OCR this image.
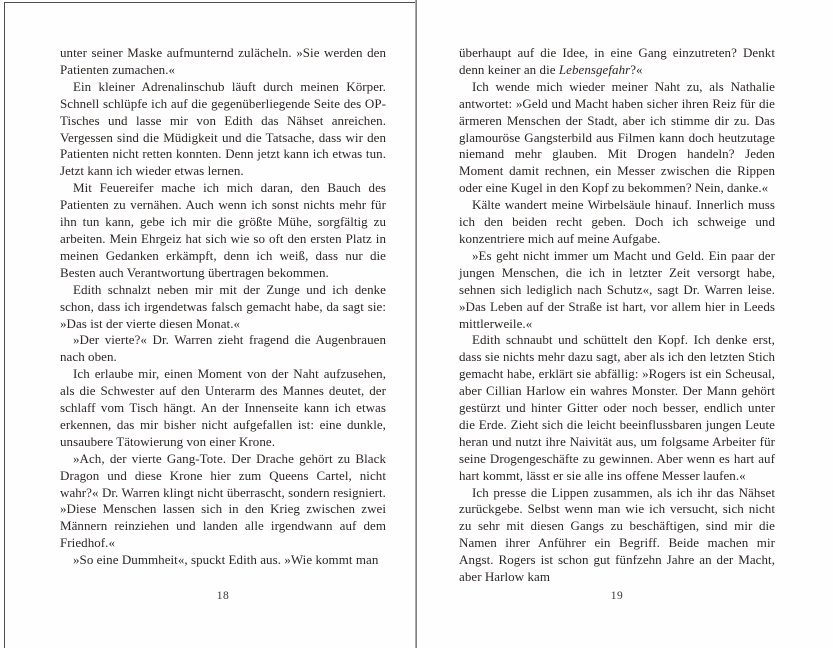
unter seiner Maske aufmunternd zulächeln. »Sie werden den Patienten zumachen.«

Ein kleiner Adrenalinschub läuft durch meinen Körper. Schnell schlüpfe ich auf die gegenüberliegende Seite des OP-Tisches und lasse mir von Edith das Nähset anreichen. Vergessen sind die Müdigkeit und die Tatsache, dass wir den Patienten nicht retten konnten. Denn jetzt kann ich etwas tun. Jetzt kann ich wieder etwas lernen.

Mit Feuereifer mache ich mich daran, den Bauch des Patienten zu vernähen. Auch wenn ich sonst nichts mehr für ihn tun kann, gebe ich mir die größte Mühe, sorgfältig zu arbeiten. Mein Ehrgeiz hat sich wie so oft den ersten Platz in meinen Gedanken erkämpft, denn ich weiß, dass nur die Besten auch Verantwortung übertragen bekommen.

Edith schnalzt neben mir mit der Zunge und ich denke schon, dass ich irgendetwas falsch gemacht habe, da sagt sie: »Das ist der vierte diesen Monat.«

»Der vierte?« Dr. Warren zieht fragend die Augenbrauen nach oben.

Ich erlaube mir, einen Moment von der Naht aufzusehen, als die Schwester auf den Unterarm des Mannes deutet, der schlaff vom Tisch hängt. An der Innenseite kann ich etwas erkennen, das mir bisher nicht aufgefallen ist: eine dunkle, unsaubere Tätowierung von einer Krone.

»Ach, der vierte Gang-Tote. Der Drache gehört zu Black Dragon und diese Krone hier zum Queens Cartel, nicht wahr?« Dr. Warren klingt nicht überrascht, sondern resigniert. »Diese Menschen lassen sich in den Krieg zwischen zwei Männern reinziehen und landen alle irgendwann auf dem Friedhof.«

»So eine Dummheit«, spuckt Edith aus. »Wie kommt man

18

überhaupt auf die Idee, in eine Gang einzutreten? Denkt denn keiner an die Lebensgefahr?«

Ich wende mich wieder meiner Naht zu, als Nathalie antwortet: »Geld und Macht haben sicher ihren Reiz für die ärmeren Menschen der Stadt, aber ich stimme dir zu. Das glamouröse Gangsterbild aus Filmen kann doch heutzutage niemand mehr glauben. Mit Drogen handeln? Jeden Moment damit rechnen, ein Messer zwischen die Rippen oder eine Kugel in den Kopf zu bekommen? Nein, danke.«

Kälte wandert meine Wirbelsäule hinauf. Innerlich muss ich den beiden recht geben. Doch ich schweige und konzentriere mich auf meine Aufgabe.

»Es geht nicht immer um Macht und Geld. Ein paar der jungen Menschen, die ich in letzter Zeit versorgt habe, sehnen sich lediglich nach Schutz«, sagt Dr. Warren leise. »Das Leben auf der Straße ist hart, vor allem hier in Leeds mittlerweile.«

Edith schnaubt und schüttelt den Kopf. Ich denke erst, dass sie nichts mehr dazu sagt, aber als ich den letzten Stich gemacht habe, erklärt sie abfällig: »Rogers ist ein Scheusal, aber Cillian Harlow ein wahres Monster. Der Mann gehört gestürzt und hinter Gitter oder noch besser, endlich unter die Erde. Zieht sich die leicht beeinflussbaren jungen Leute heran und nutzt ihre Naivität aus, um folgsame Arbeiter für seine Drogengeschäfte zu gewinnen. Aber wenn es hart auf hart kommt, lässt er sie alle ins offene Messer laufen.«

Ich presse die Lippen zusammen, als ich ihr das Nähset zurückgebe. Selbst wenn man wie ich versucht, sich nicht zu sehr mit diesen Gangs zu beschäftigen, sind mir die Namen ihrer Anführer ein Begriff. Beide machen mir Angst. Rogers ist schon gut fünfzehn Jahre an der Macht, aber Harlow kam

19
